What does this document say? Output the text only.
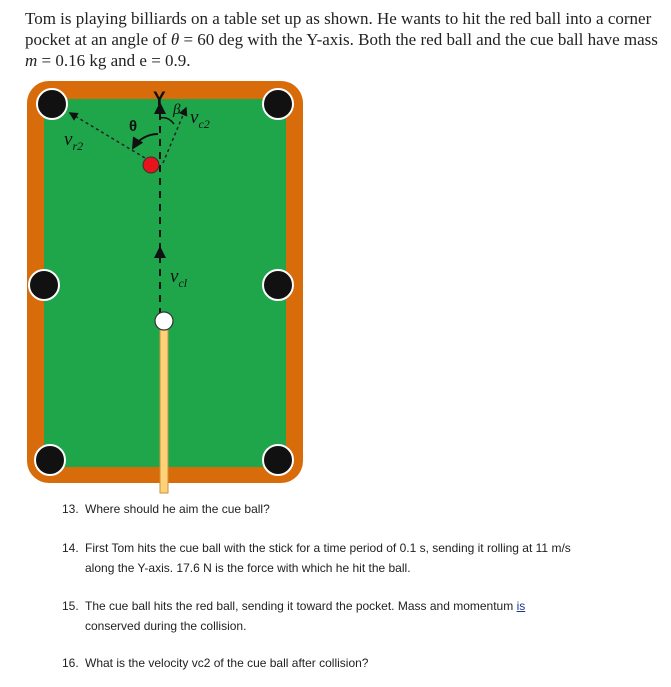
Tom is playing billiards on a table set up as shown. He wants to hit the red ball into a corner pocket at an angle of θ = 60 deg with the Y-axis. Both the red ball and the cue ball have mass m = 0.16 kg and e = 0.9.

Y
θ
β $v_{c2}$
$v_{r2}$
$v_{cl}$
13. Where should he aim the cue ball?
14. First Tom hits the cue ball with the stick for a time period of 0.1 s, sending it rolling at 11 m/s
along the Y-axis. 17.6 N is the force with which he hit the ball.
15. The cue ball hits the red ball, sending it toward the pocket. Mass and momentum is
conserved during the collision.
16. What is the velocity vc2 of the cue ball after collision?
